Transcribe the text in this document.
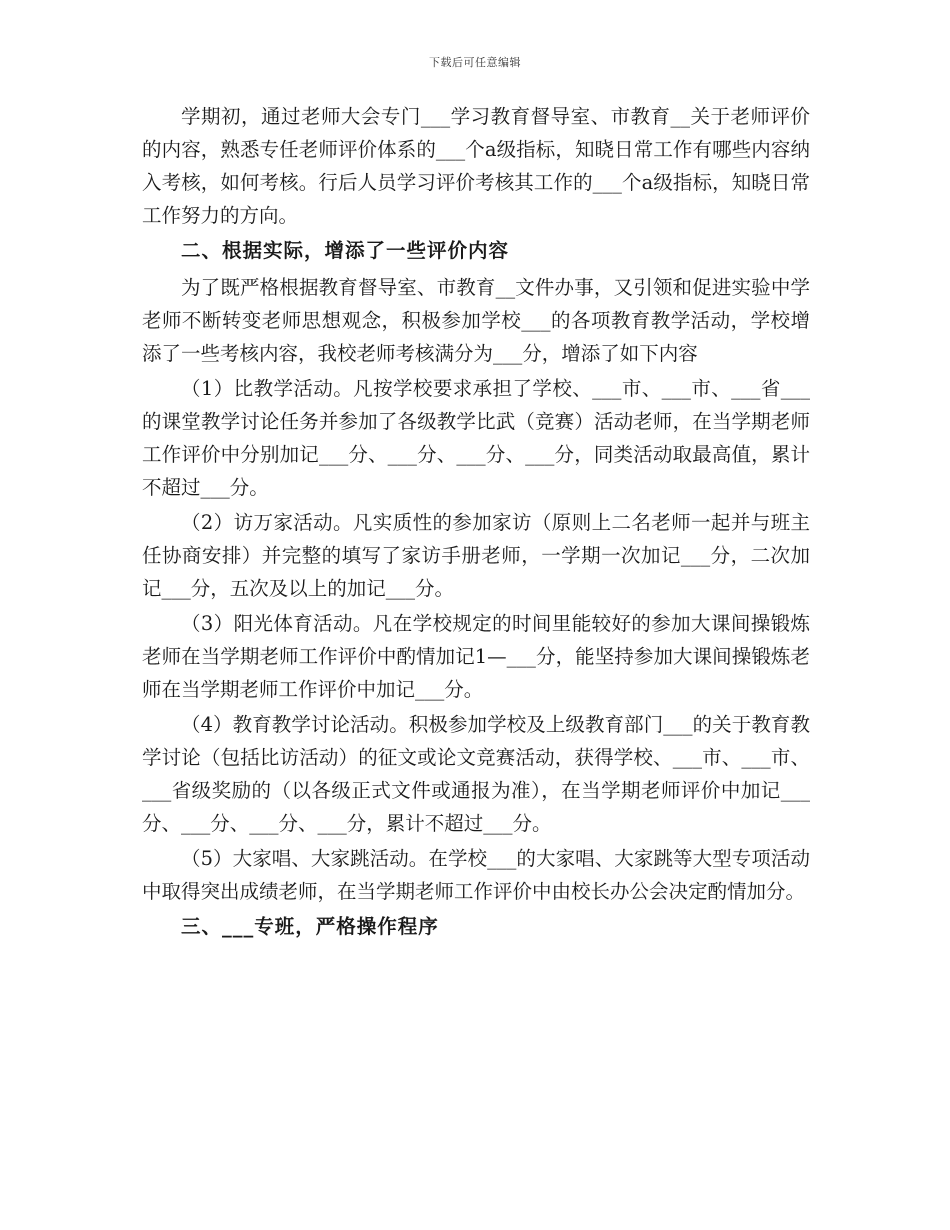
下载后可任意编辑

学期初，通过老师大会专门___学习教育督导室、市教育__关于老师评价的内容，熟悉专任老师评价体系的___个a级指标，知晓日常工作有哪些内容纳入考核，如何考核。行后人员学习评价考核其工作的___个a级指标，知晓日常工作努力的方向。

二、根据实际，增添了一些评价内容

为了既严格根据教育督导室、市教育__文件办事，又引领和促进实验中学老师不断转变老师思想观念，积极参加学校___的各项教育教学活动，学校增添了一些考核内容，我校老师考核满分为___分，增添了如下内容

（1）比教学活动。凡按学校要求承担了学校、___市、___市、___省___的课堂教学讨论任务并参加了各级教学比武（竞赛）活动老师，在当学期老师工作评价中分别加记___分、___分、___分、___分，同类活动取最高值，累计不超过___分。

（2）访万家活动。凡实质性的参加家访（原则上二名老师一起并与班主任协商安排）并完整的填写了家访手册老师，一学期一次加记___分，二次加记___分，五次及以上的加记___分。

（3）阳光体育活动。凡在学校规定的时间里能较好的参加大课间操锻炼老师在当学期老师工作评价中酌情加记1—___分，能坚持参加大课间操锻炼老师在当学期老师工作评价中加记___分。

（4）教育教学讨论活动。积极参加学校及上级教育部门___的关于教育教学讨论（包括比访活动）的征文或论文竞赛活动，获得学校、___市、___市、___省级奖励的（以各级正式文件或通报为准），在当学期老师评价中加记___分、___分、___分、___分，累计不超过___分。

（5）大家唱、大家跳活动。在学校___的大家唱、大家跳等大型专项活动中取得突出成绩老师，在当学期老师工作评价中由校长办公会决定酌情加分。

三、___专班，严格操作程序
